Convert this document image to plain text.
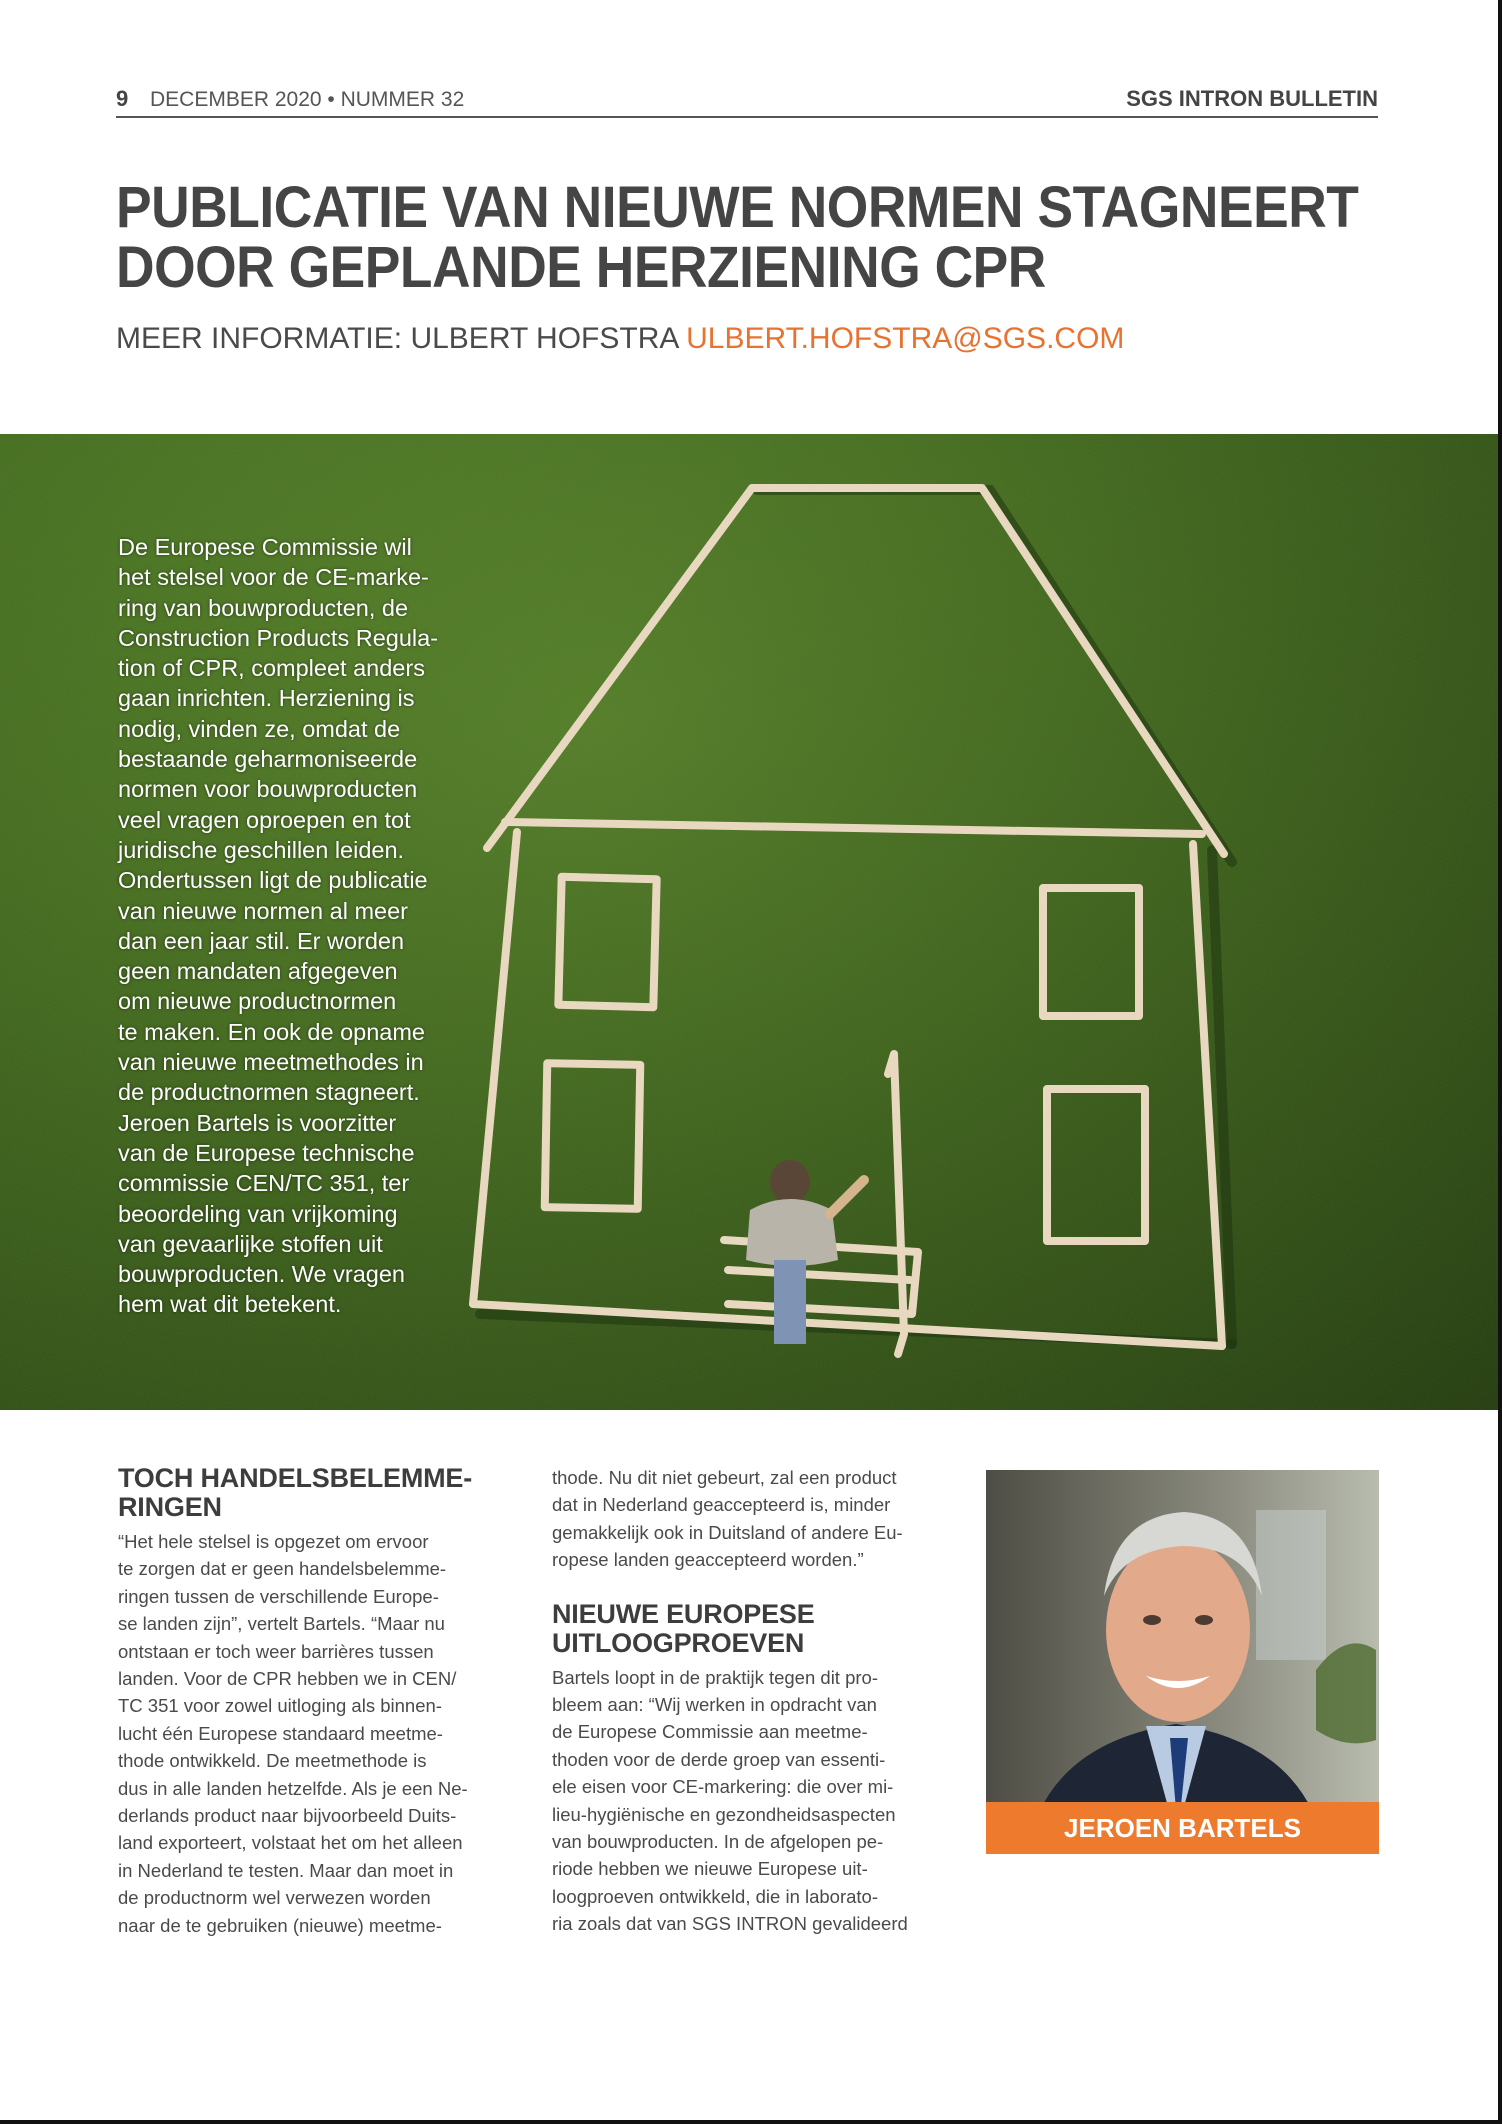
9 DECEMBER 2020 • NUMMER 32	SGS INTRON BULLETIN
PUBLICATIE VAN NIEUWE NORMEN STAGNEERT
DOOR GEPLANDE HERZIENING CPR
MEER INFORMATIE: ULBERT HOFSTRA ULBERT.HOFSTRA@SGS.COM
De Europese Commissie wil
het stelsel voor de CE-marke-
ring van bouwproducten, de
Construction Products Regula-
tion of CPR, compleet anders
gaan inrichten. Herziening is
nodig, vinden ze, omdat de
bestaande geharmoniseerde
normen voor bouwproducten
veel vragen oproepen en tot
juridische geschillen leiden.
Ondertussen ligt de publicatie
van nieuwe normen al meer
dan een jaar stil. Er worden
geen mandaten afgegeven
om nieuwe productnormen
te maken. En ook de opname
van nieuwe meetmethodes in
de productnormen stagneert.
Jeroen Bartels is voorzitter
van de Europese technische
commissie CEN/TC 351, ter
beoordeling van vrijkoming
van gevaarlijke stoffen uit
bouwproducten. We vragen
hem wat dit betekent.
TOCH HANDELSBELEMME-
RINGEN
“Het hele stelsel is opgezet om ervoor
te zorgen dat er geen handelsbelemme-
ringen tussen de verschillende Europe-
se landen zijn”, vertelt Bartels. “Maar nu
ontstaan er toch weer barrières tussen
landen. Voor de CPR hebben we in CEN/
TC 351 voor zowel uitloging als binnen-
lucht één Europese standaard meetme-
thode ontwikkeld. De meetmethode is
dus in alle landen hetzelfde. Als je een Ne-
derlands product naar bijvoorbeeld Duits-
land exporteert, volstaat het om het alleen
in Nederland te testen. Maar dan moet in
de productnorm wel verwezen worden
naar de te gebruiken (nieuwe) meetme-
thode. Nu dit niet gebeurt, zal een product
dat in Nederland geaccepteerd is, minder
gemakkelijk ook in Duitsland of andere Eu-
ropese landen geaccepteerd worden.”
NIEUWE EUROPESE
UITLOOGPROEVEN
Bartels loopt in de praktijk tegen dit pro-
bleem aan: “Wij werken in opdracht van
de Europese Commissie aan meetme-
thoden voor de derde groep van essenti-
ele eisen voor CE-markering: die over mi-
lieu-hygiënische en gezondheidsaspecten
van bouwproducten. In de afgelopen pe-
riode hebben we nieuwe Europese uit-
loogproeven ontwikkeld, die in laborato-
ria zoals dat van SGS INTRON gevalideerd
JEROEN BARTELS
